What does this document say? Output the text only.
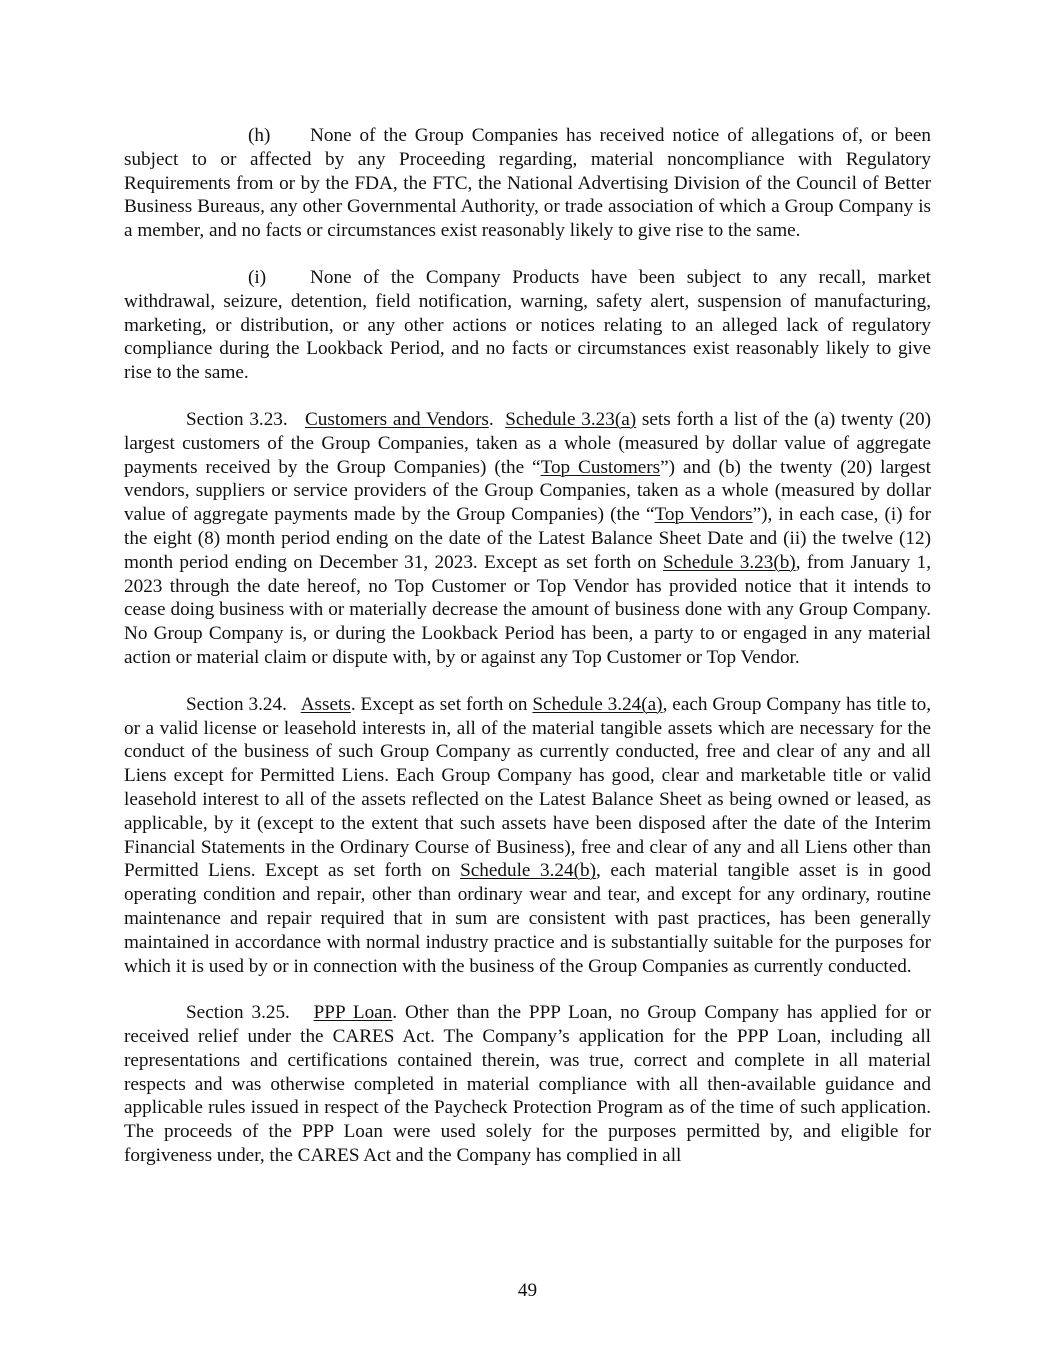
(h) None of the Group Companies has received notice of allegations of, or been subject to or affected by any Proceeding regarding, material noncompliance with Regulatory Requirements from or by the FDA, the FTC, the National Advertising Division of the Council of Better Business Bureaus, any other Governmental Authority, or trade association of which a Group Company is a member, and no facts or circumstances exist reasonably likely to give rise to the same.

(i) None of the Company Products have been subject to any recall, market withdrawal, seizure, detention, field notification, warning, safety alert, suspension of manufacturing, marketing, or distribution, or any other actions or notices relating to an alleged lack of regulatory compliance during the Lookback Period, and no facts or circumstances exist reasonably likely to give rise to the same.

Section 3.23. Customers and Vendors. Schedule 3.23(a) sets forth a list of the (a) twenty (20) largest customers of the Group Companies, taken as a whole (measured by dollar value of aggregate payments received by the Group Companies) (the “Top Customers”) and (b) the twenty (20) largest vendors, suppliers or service providers of the Group Companies, taken as a whole (measured by dollar value of aggregate payments made by the Group Companies) (the “Top Vendors”), in each case, (i) for the eight (8) month period ending on the date of the Latest Balance Sheet Date and (ii) the twelve (12) month period ending on December 31, 2023. Except as set forth on Schedule 3.23(b), from January 1, 2023 through the date hereof, no Top Customer or Top Vendor has provided notice that it intends to cease doing business with or materially decrease the amount of business done with any Group Company. No Group Company is, or during the Lookback Period has been, a party to or engaged in any material action or material claim or dispute with, by or against any Top Customer or Top Vendor.

Section 3.24. Assets. Except as set forth on Schedule 3.24(a), each Group Company has title to, or a valid license or leasehold interests in, all of the material tangible assets which are necessary for the conduct of the business of such Group Company as currently conducted, free and clear of any and all Liens except for Permitted Liens. Each Group Company has good, clear and marketable title or valid leasehold interest to all of the assets reflected on the Latest Balance Sheet as being owned or leased, as applicable, by it (except to the extent that such assets have been disposed after the date of the Interim Financial Statements in the Ordinary Course of Business), free and clear of any and all Liens other than Permitted Liens. Except as set forth on Schedule 3.24(b), each material tangible asset is in good operating condition and repair, other than ordinary wear and tear, and except for any ordinary, routine maintenance and repair required that in sum are consistent with past practices, has been generally maintained in accordance with normal industry practice and is substantially suitable for the purposes for which it is used by or in connection with the business of the Group Companies as currently conducted.

Section 3.25. PPP Loan. Other than the PPP Loan, no Group Company has applied for or received relief under the CARES Act. The Company’s application for the PPP Loan, including all representations and certifications contained therein, was true, correct and complete in all material respects and was otherwise completed in material compliance with all then-available guidance and applicable rules issued in respect of the Paycheck Protection Program as of the time of such application. The proceeds of the PPP Loan were used solely for the purposes permitted by, and eligible for forgiveness under, the CARES Act and the Company has complied in all

49
